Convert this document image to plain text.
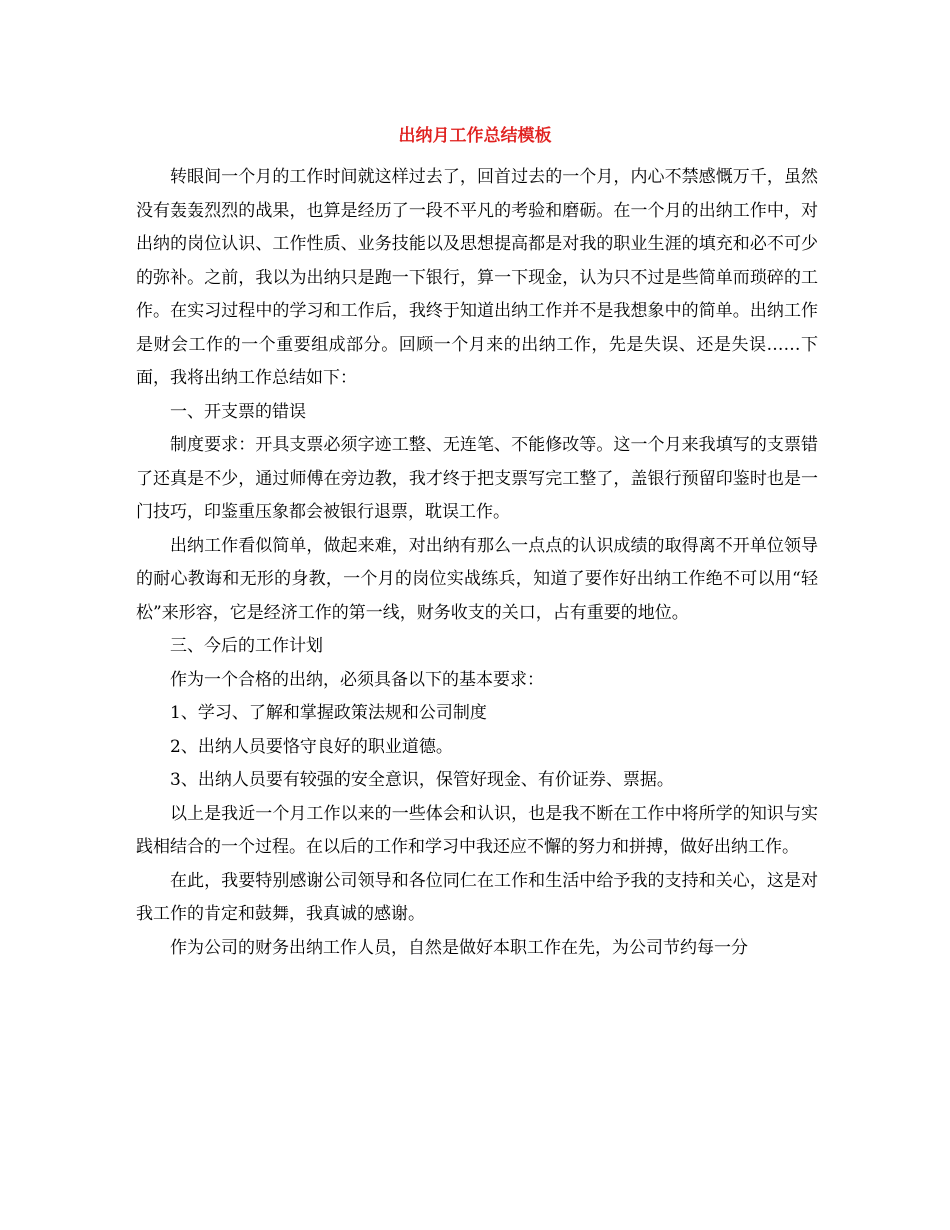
出纳月工作总结模板

转眼间一个月的工作时间就这样过去了，回首过去的一个月，内心不禁感慨万千，虽然没有轰轰烈烈的战果，也算是经历了一段不平凡的考验和磨砺。在一个月的出纳工作中，对出纳的岗位认识、工作性质、业务技能以及思想提高都是对我的职业生涯的填充和必不可少的弥补。之前，我以为出纳只是跑一下银行，算一下现金，认为只不过是些简单而琐碎的工作。在实习过程中的学习和工作后，我终于知道出纳工作并不是我想象中的简单。出纳工作是财会工作的一个重要组成部分。回顾一个月来的出纳工作，先是失误、还是失误……下面，我将出纳工作总结如下：

一、开支票的错误

制度要求：开具支票必须字迹工整、无连笔、不能修改等。这一个月来我填写的支票错了还真是不少，通过师傅在旁边教，我才终于把支票写完工整了，盖银行预留印鉴时也是一门技巧，印鉴重压象都会被银行退票，耽误工作。

出纳工作看似简单，做起来难，对出纳有那么一点点的认识成绩的取得离不开单位领导的耐心教诲和无形的身教，一个月的岗位实战练兵，知道了要作好出纳工作绝不可以用“轻松”来形容，它是经济工作的第一线，财务收支的关口，占有重要的地位。

三、今后的工作计划

作为一个合格的出纳，必须具备以下的基本要求：

1、学习、了解和掌握政策法规和公司制度

2、出纳人员要恪守良好的职业道德。

3、出纳人员要有较强的安全意识，保管好现金、有价证券、票据。

以上是我近一个月工作以来的一些体会和认识，也是我不断在工作中将所学的知识与实践相结合的一个过程。在以后的工作和学习中我还应不懈的努力和拼搏，做好出纳工作。

在此，我要特别感谢公司领导和各位同仁在工作和生活中给予我的支持和关心，这是对我工作的肯定和鼓舞，我真诚的感谢。

作为公司的财务出纳工作人员，自然是做好本职工作在先，为公司节约每一分
